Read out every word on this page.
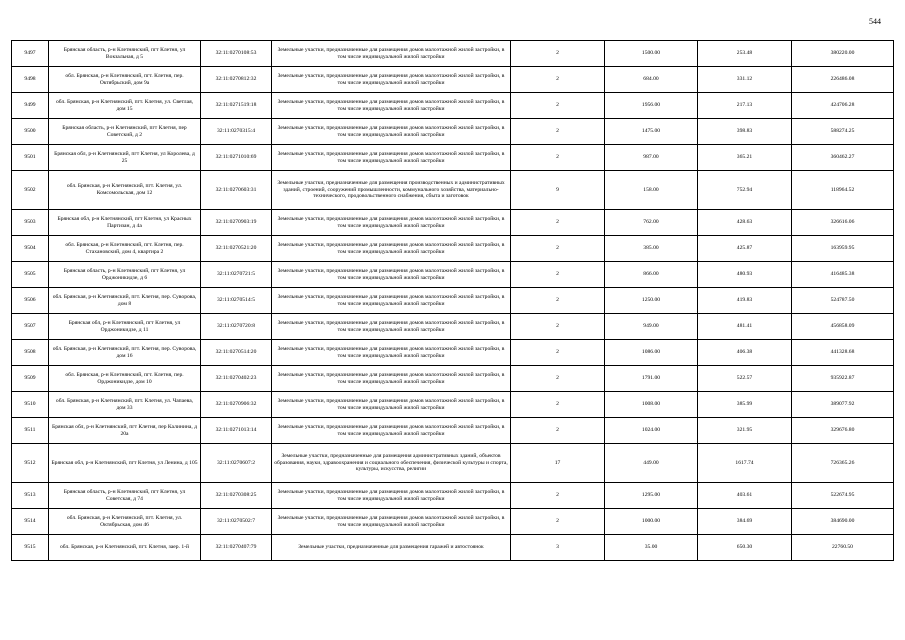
544
9497	Брянская область, р-н Клетнянский, пгт Клетня, ул Вокзальная, д 5	32:11:0270108:53	Земельные участки, предназначенные для размещения домов малоэтажной жилой застройки, в том числе индивидуальной жилой застройки	2	1500.00	253.48	380220.00
9498	обл. Брянская, р-н Клетнянский, пгт. Клетня, пер. Октябрьский, дом 9а	32:11:0270812:32	Земельные участки, предназначенные для размещения домов малоэтажной жилой застройки, в том числе индивидуальной жилой застройки	2	684.00	331.12	226486.08
9499	обл. Брянская, р-н Клетнянский, пгт. Клетня, ул. Светлая, дом 15	32:11:0271519:18	Земельные участки, предназначенные для размещения домов малоэтажной жилой застройки, в том числе индивидуальной жилой застройки	2	1956.00	217.13	424706.28
9500	Брянская область, р-н Клетнянский, пгт Клетня, пер Советский, д 2	32:11:0270315:4	Земельные участки, предназначенные для размещения домов малоэтажной жилой застройки, в том числе индивидуальной жилой застройки	2	1475.00	398.83	588274.25
9501	Брянская обл, р-н Клетнянский, пгт Клетня, ул Королева, д 25	32:11:0271010:69	Земельные участки, предназначенные для размещения домов малоэтажной жилой застройки, в том числе индивидуальной жилой застройки	2	987.00	365.21	360462.27
9502	обл. Брянская, р-н Клетнянский, пгт. Клетня, ул. Комсомольская, дом 12	32:11:0270603:31	Земельные участки, предназначенные для размещения производственных и административных зданий, строений, сооружений промышленности, коммунального хозяйства, материально-технического, продовольственного снабжения, сбыта и заготовок	9	158.00	752.94	118964.52
9503	Брянская обл, р-н Клетнянский, пгт Клетня, ул Красных Партизан, д 4а	32:11:0270903:19	Земельные участки, предназначенные для размещения домов малоэтажной жилой застройки, в том числе индивидуальной жилой застройки	2	762.00	428.63	326616.06
9504	обл. Брянская, р-н Клетнянский, пгт. Клетня, пер. Стахановский, дом 4, квартира 2	32:11:0270521:20	Земельные участки, предназначенные для размещения домов малоэтажной жилой застройки, в том числе индивидуальной жилой застройки	2	385.00	425.87	163959.95
9505	Брянская область, р-н Клетнянский, пгт Клетня, ул Орджоникидзе, д 6	32:11:0270721:5	Земельные участки, предназначенные для размещения домов малоэтажной жилой застройки, в том числе индивидуальной жилой застройки	2	866.00	480.93	416485.38
9506	обл. Брянская, р-н Клетнянский, пгт. Клетня, пер. Суворова, дом 8	32:11:0270514:5	Земельные участки, предназначенные для размещения домов малоэтажной жилой застройки, в том числе индивидуальной жилой застройки	2	1250.00	419.83	524787.50
9507	Брянская обл, р-н Клетнянский, пгт Клетня, ул Орджоникидзе, д 11	32:11:0270720:8	Земельные участки, предназначенные для размещения домов малоэтажной жилой застройки, в том числе индивидуальной жилой застройки	2	949.00	481.41	456858.09
9508	обл. Брянская, р-н Клетнянский, пгт. Клетня, пер. Суворова, дом 16	32:11:0270514:20	Земельные участки, предназначенные для размещения домов малоэтажной жилой застройки, в том числе индивидуальной жилой застройки	2	1086.00	406.38	441328.68
9509	обл. Брянская, р-н Клетнянский, пгт. Клетня, пер. Орджоникидзе, дом 10	32:11:0270402:23	Земельные участки, предназначенные для размещения домов малоэтажной жилой застройки, в том числе индивидуальной жилой застройки	2	1791.00	522.57	935922.87
9510	обл. Брянская, р-н Клетнянский, пгт. Клетня, ул. Чапаева, дом 33	32:11:0270906:32	Земельные участки, предназначенные для размещения домов малоэтажной жилой застройки, в том числе индивидуальной жилой застройки	2	1008.00	385.99	389077.92
9511	Брянская обл, р-н Клетнянский, пгт Клетня, пер Калинина, д 20а	32:11:0271013:14	Земельные участки, предназначенные для размещения домов малоэтажной жилой застройки, в том числе индивидуальной жилой застройки	2	1024.00	321.95	329676.80
9512	Брянская обл, р-н Клетнянский, пгт Клетня, ул Ленина, д 105	32:11:0270607:2	Земельные участки, предназначенные для размещения административных зданий, объектов образования, науки, здравоохранения и социального обеспечения, физической культуры и спорта, культуры, искусства, религии	17	449.00	1617.74	726365.26
9513	Брянская область, р-н Клетнянский, пгт Клетня, ул Советская, д 74	32:11:0270308:25	Земельные участки, предназначенные для размещения домов малоэтажной жилой застройки, в том числе индивидуальной жилой застройки	2	1295.00	403.61	522674.95
9514	обл. Брянская, р-н Клетнянский, пгт. Клетня, ул. Октябрьская, дом 46	32:11:0270502:7	Земельные участки, предназначенные для размещения домов малоэтажной жилой застройки, в том числе индивидуальной жилой застройки	2	1000.00	384.69	384690.00
9515	обл. Брянская, р-н Клетнянский, пгт. Клетня, заер. 1-й	32:11:0270407:79	Земельные участки, предназначенные для размещения гаражей и автостоянок	3	35.00	650.30	22760.50
